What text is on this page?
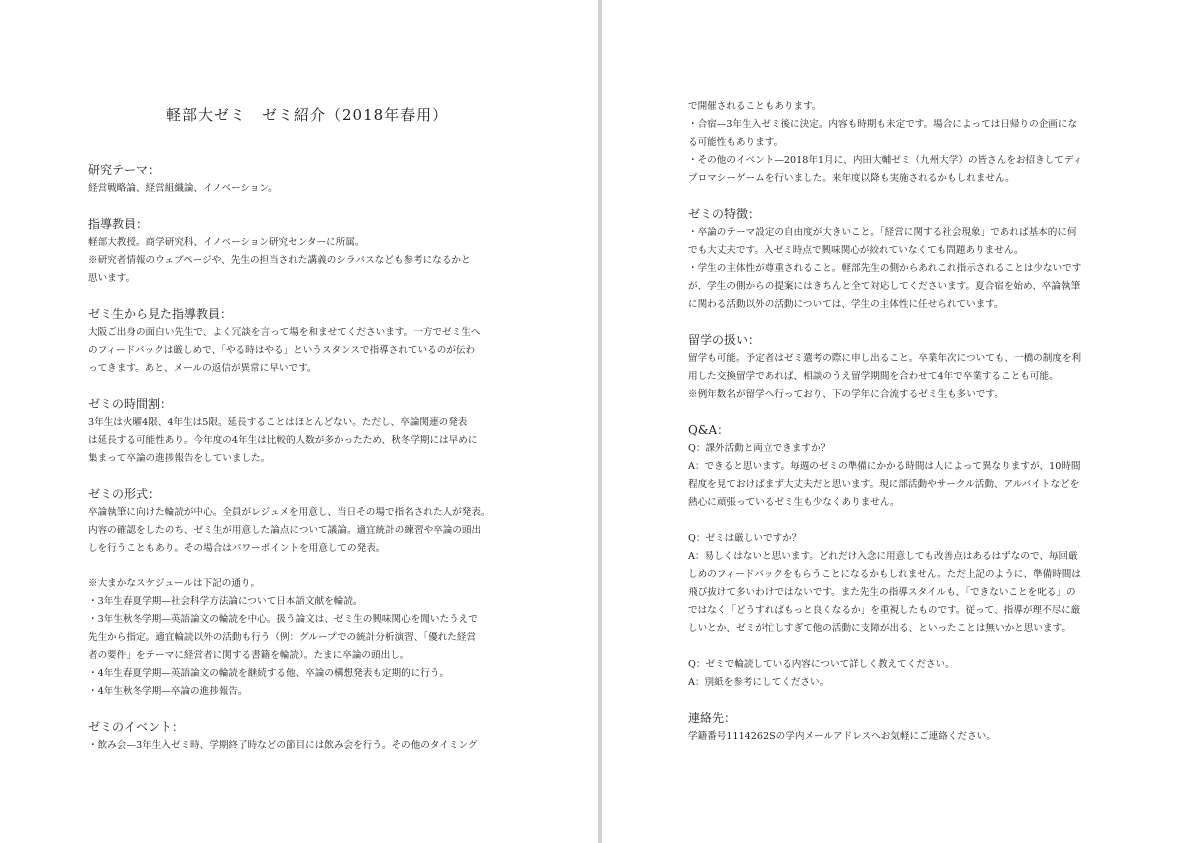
軽部大ゼミ　ゼミ紹介（2018年春用）
研究テーマ：

経営戦略論、経営組織論、イノベーション。

指導教員：

軽部大教授。商学研究科、イノベーション研究センターに所属。

※研究者情報のウェブページや、先生の担当された講義のシラバスなども参考になるかと

思います。

ゼミ生から見た指導教員：

大阪ご出身の面白い先生で、よく冗談を言って場を和ませてくださいます。一方でゼミ生へ

のフィードバックは厳しめで、「やる時はやる」というスタンスで指導されているのが伝わ

ってきます。あと、メールの返信が異常に早いです。

ゼミの時間割：

3年生は火曜4限、4年生は5限。延長することはほとんどない。ただし、卒論関連の発表

は延長する可能性あり。今年度の4年生は比較的人数が多かったため、秋冬学期には早めに

集まって卒論の進捗報告をしていました。

ゼミの形式：

卒論執筆に向けた輪読が中心。全員がレジュメを用意し、当日その場で指名された人が発表。

内容の確認をしたのち、ゼミ生が用意した論点について議論。適宜統計の練習や卒論の頭出

しを行うこともあり。その場合はパワーポイントを用意しての発表。

※大まかなスケジュールは下記の通り。

・3年生春夏学期—社会科学方法論について日本語文献を輪読。

・3年生秋冬学期—英語論文の輪読を中心。扱う論文は、ゼミ生の興味関心を聞いたうえで

先生から指定。適宜輪読以外の活動も行う（例：グループでの統計分析演習、「優れた経営

者の要件」をテーマに経営者に関する書籍を輪読）。たまに卒論の頭出し。

・4年生春夏学期—英語論文の輪読を継続する他、卒論の構想発表も定期的に行う。

・4年生秋冬学期—卒論の進捗報告。

ゼミのイベント：

・飲み会—3年生入ゼミ時、学期終了時などの節目には飲み会を行う。その他のタイミング

で開催されることもあります。

・合宿—3年生入ゼミ後に決定。内容も時期も未定です。場合によっては日帰りの企画にな

る可能性もあります。

・その他のイベント—2018年1月に、内田大輔ゼミ（九州大学）の皆さんをお招きしてディ

プロマシーゲームを行いました。来年度以降も実施されるかもしれません。

ゼミの特徴：

・卒論のテーマ設定の自由度が大きいこと。「経営に関する社会現象」であれば基本的に何

でも大丈夫です。入ゼミ時点で興味関心が絞れていなくても問題ありません。

・学生の主体性が尊重されること。軽部先生の側からあれこれ指示されることは少ないです

が、学生の側からの提案にはきちんと全て対応してくださいます。夏合宿を始め、卒論執筆

に関わる活動以外の活動については、学生の主体性に任せられています。

留学の扱い：

留学も可能。予定者はゼミ選考の際に申し出ること。卒業年次についても、一橋の制度を利

用した交換留学であれば、相談のうえ留学期間を合わせて4年で卒業することも可能。

※例年数名が留学へ行っており、下の学年に合流するゼミ生も多いです。

Q&A：

Q：課外活動と両立できますか？

A：できると思います。毎週のゼミの準備にかかる時間は人によって異なりますが、10時間

程度を見ておけばまず大丈夫だと思います。現に部活動やサークル活動、アルバイトなどを

熱心に頑張っているゼミ生も少なくありません。

Q：ゼミは厳しいですか？

A：易しくはないと思います。どれだけ入念に用意しても改善点はあるはずなので、毎回厳

しめのフィードバックをもらうことになるかもしれません。ただ上記のように、準備時間は

飛び抜けて多いわけではないです。また先生の指導スタイルも、「できないことを叱る」の

ではなく「どうすればもっと良くなるか」を重視したものです。従って、指導が理不尽に厳

しいとか、ゼミが忙しすぎて他の活動に支障が出る、といったことは無いかと思います。

Q：ゼミで輪読している内容について詳しく教えてください。

A：別紙を参考にしてください。

連絡先：

学籍番号1114262Sの学内メールアドレスへお気軽にご連絡ください。
